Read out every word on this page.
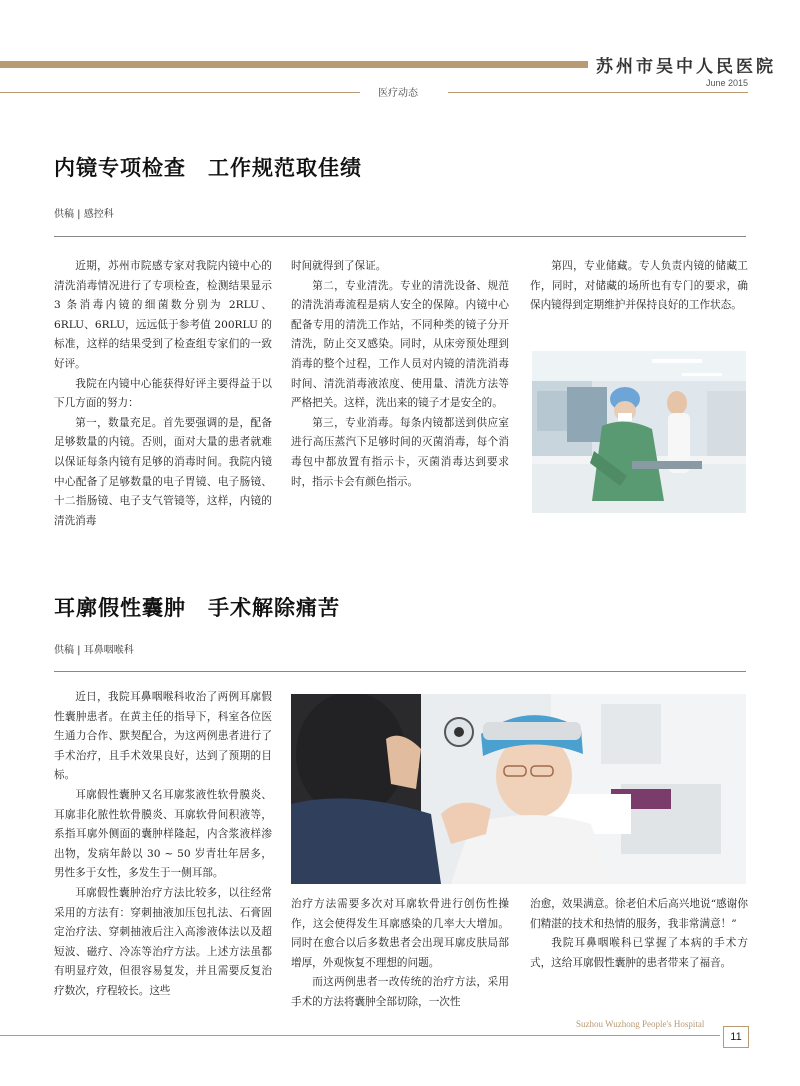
苏州市吴中人民医院
June 2015
医疗动态
内镜专项检查　工作规范取佳绩
供稿 | 感控科

近期，苏州市院感专家对我院内镜中心的清洗消毒情况进行了专项检查，检测结果显示 3 条消毒内镜的细菌数分别为 2RLU、6RLU、6RLU，远远低于参考值 200RLU 的标准，这样的结果受到了检查组专家们的一致好评。

我院在内镜中心能获得好评主要得益于以下几方面的努力：

第一，数量充足。首先要强调的是，配备足够数量的内镜。否则，面对大量的患者就难以保证每条内镜有足够的消毒时间。我院内镜中心配备了足够数量的电子胃镜、电子肠镜、十二指肠镜、电子支气管镜等，这样，内镜的清洗消毒

时间就得到了保证。

第二，专业清洗。专业的清洗设备、规范的清洗消毒流程是病人安全的保障。内镜中心配备专用的清洗工作站，不同种类的镜子分开清洗，防止交叉感染。同时，从床旁预处理到消毒的整个过程，工作人员对内镜的清洗消毒时间、清洗消毒液浓度、使用量、清洗方法等严格把关。这样，洗出来的镜子才是安全的。

第三，专业消毒。每条内镜都送到供应室进行高压蒸汽下足够时间的灭菌消毒，每个消毒包中都放置有指示卡，灭菌消毒达到要求时，指示卡会有颜色指示。

第四，专业储藏。专人负责内镜的储藏工作，同时，对储藏的场所也有专门的要求，确保内镜得到定期维护并保持良好的工作状态。

耳廓假性囊肿　手术解除痛苦
供稿 | 耳鼻咽喉科

近日，我院耳鼻咽喉科收治了两例耳廓假性囊肿患者。在黄主任的指导下，科室各位医生通力合作、默契配合，为这两例患者进行了手术治疗，且手术效果良好，达到了预期的目标。

耳廓假性囊肿又名耳廓浆液性软骨膜炎、耳廓非化脓性软骨膜炎、耳廓软骨间积液等，系指耳廓外侧面的囊肿样隆起，内含浆液样渗出物，发病年龄以 30 ~ 50 岁青壮年居多，男性多于女性，多发生于一侧耳部。

耳廓假性囊肿治疗方法比较多，以往经常采用的方法有：穿刺抽液加压包扎法、石膏固定治疗法、穿刺抽液后注入高渗液体法以及超短波、磁疗、冷冻等治疗方法。上述方法虽都有明显疗效，但很容易复发，并且需要反复治疗数次，疗程较长。这些

治疗方法需要多次对耳廓软骨进行创伤性操作，这会使得发生耳廓感染的几率大大增加。同时在愈合以后多数患者会出现耳廓皮肤局部增厚，外观恢复不理想的问题。

而这两例患者一改传统的治疗方法，采用手术的方法将囊肿全部切除，一次性

治愈，效果满意。徐老伯术后高兴地说“感谢你们精湛的技术和热情的服务，我非常满意！”

我院耳鼻咽喉科已掌握了本病的手术方式，这给耳廓假性囊肿的患者带来了福音。

Suzhou Wuzhong People's Hospital
11
